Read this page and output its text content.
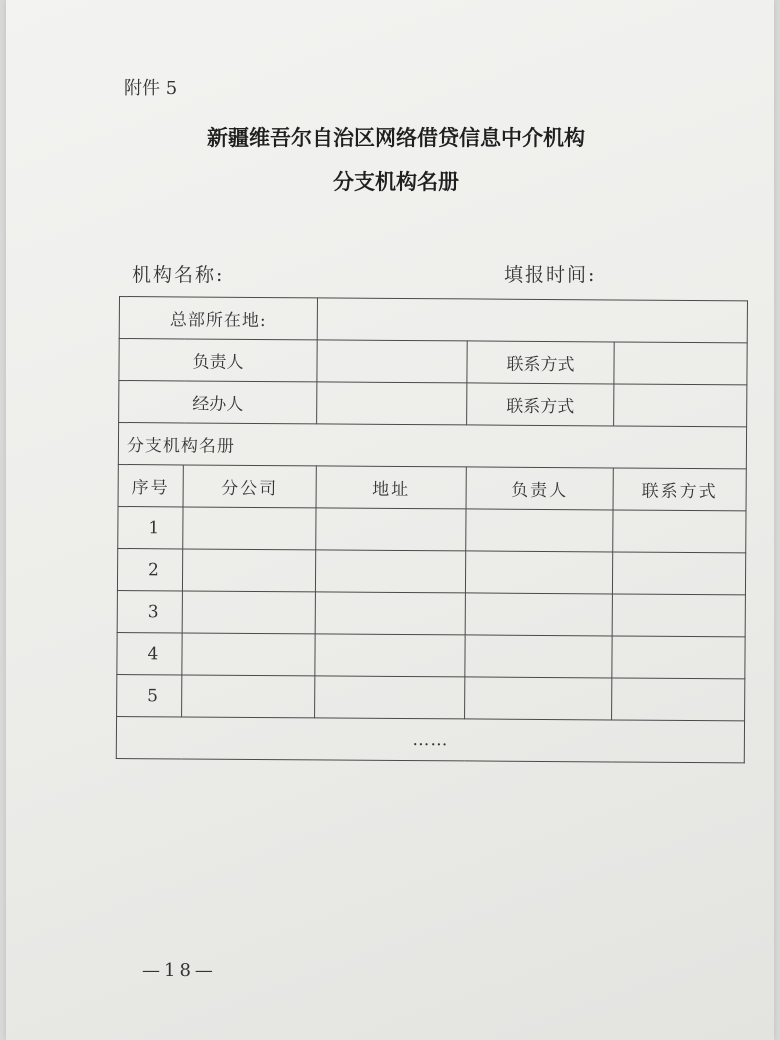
附件 5
新疆维吾尔自治区网络借贷信息中介机构
分支机构名册
机构名称:	填报时间:
总部所在地:				
负责人			联系方式	
经办人			联系方式	
分支机构名册				
序号	分公司	地址	负责人	联系方式
1				
2				
3				
4				
5				
……				
—18—
